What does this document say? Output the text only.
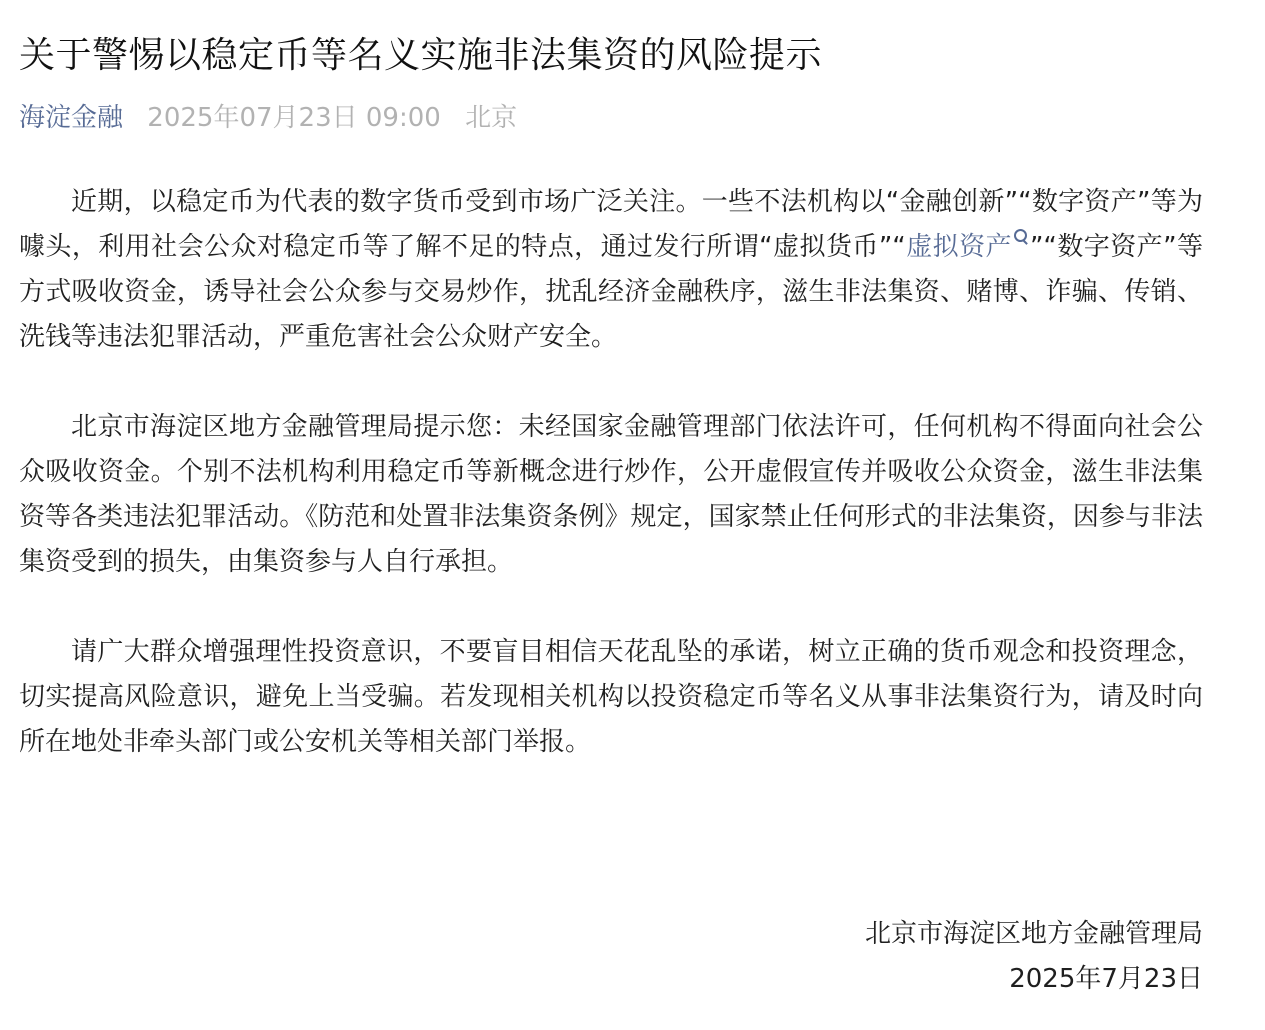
关于警惕以稳定币等名义实施非法集资的风险提示
海淀金融 2025年07月23日 09:00 北京

近期，以稳定币为代表的数字货币受到市场广泛关注。一些不法机构以“金融创新”“数字资产”等为噱头，利用社会公众对稳定币等了解不足的特点，通过发行所谓“虚拟货币”“虚拟资产 ”“数字资产”等方式吸收资金，诱导社会公众参与交易炒作，扰乱经济金融秩序，滋生非法集资、赌博、诈骗、传销、洗钱等违法犯罪活动，严重危害社会公众财产安全。

北京市海淀区地方金融管理局提示您：未经国家金融管理部门依法许可，任何机构不得面向社会公众吸收资金。个别不法机构利用稳定币等新概念进行炒作，公开虚假宣传并吸收公众资金，滋生非法集资等各类违法犯罪活动。《防范和处置非法集资条例》规定，国家禁止任何形式的非法集资，因参与非法集资受到的损失，由集资参与人自行承担。

请广大群众增强理性投资意识，不要盲目相信天花乱坠的承诺，树立正确的货币观念和投资理念，切实提高风险意识，避免上当受骗。若发现相关机构以投资稳定币等名义从事非法集资行为，请及时向所在地处非牵头部门或公安机关等相关部门举报。

北京市海淀区地方金融管理局
2025年7月23日
